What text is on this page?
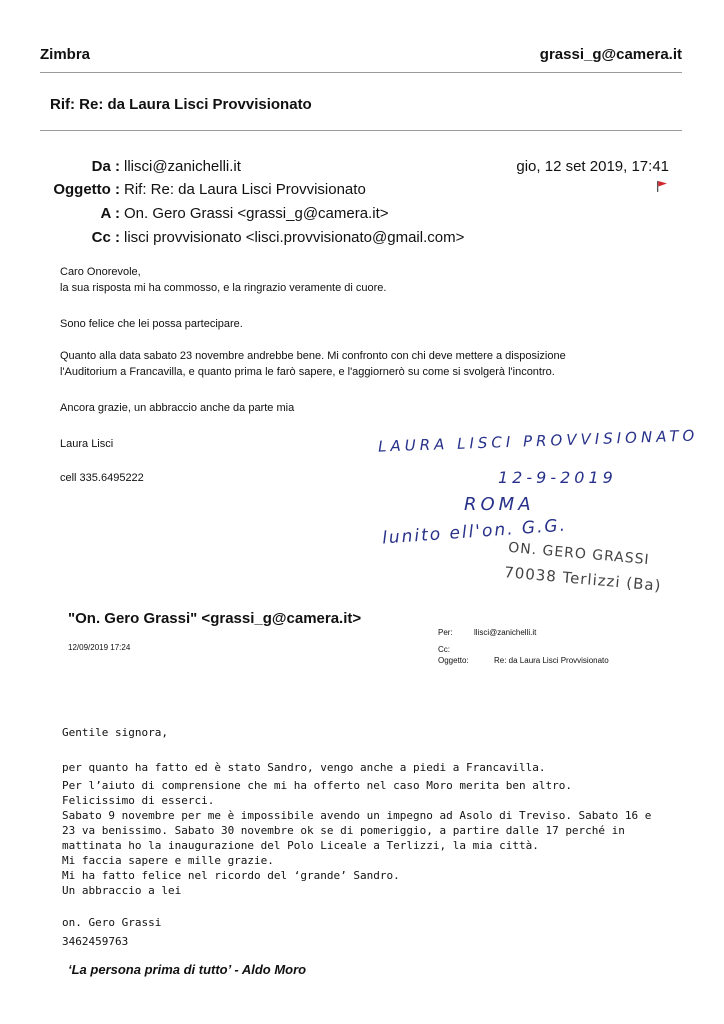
Zimbra	grassi_g@camera.it
Rif: Re: da Laura Lisci Provvisionato
Da : llisci@zanichelli.it	gio, 12 set 2019, 17:41
Oggetto : Rif: Re: da Laura Lisci Provvisionato
A : On. Gero Grassi <grassi_g@camera.it>
Cc : lisci provvisionato <lisci.provvisionato@gmail.com>
Caro Onorevole,
la sua risposta mi ha commosso, e la ringrazio veramente di cuore.
Sono felice che lei possa partecipare.
Quanto alla data sabato 23 novembre andrebbe bene. Mi confronto con chi deve mettere a disposizione
l'Auditorium a Francavilla, e quanto prima le farò sapere, e l'aggiornerò su come si svolgerà l'incontro.
Ancora grazie, un abbraccio anche da parte mia
Laura Lisci
cell 335.6495222
LAURA LISCI PROVVISIONATO
12-9-2019
ROMA
lunito ell'on. G.G.
ON. GERO GRASSI
70038 Terlizzi (Ba)
"On. Gero Grassi" <grassi_g@camera.it>
12/09/2019 17:24
Per:	llisci@zanichelli.it
Cc:
Oggetto:	Re: da Laura Lisci Provvisionato
Gentile signora,
per quanto ha fatto ed è stato Sandro, vengo anche a piedi a Francavilla.
Per l’aiuto di comprensione che mi ha offerto nel caso Moro merita ben altro.
Felicissimo di esserci.
Sabato 9 novembre per me è impossibile avendo un impegno ad Asolo di Treviso. Sabato 16 e
23 va benissimo. Sabato 30 novembre ok se di pomeriggio, a partire dalle 17 perché in
mattinata ho la inaugurazione del Polo Liceale a Terlizzi, la mia città.
Mi faccia sapere e mille grazie.
Mi ha fatto felice nel ricordo del ‘grande’ Sandro.
Un abbraccio a lei
on. Gero Grassi
3462459763
‘La persona prima di tutto’ - Aldo Moro
